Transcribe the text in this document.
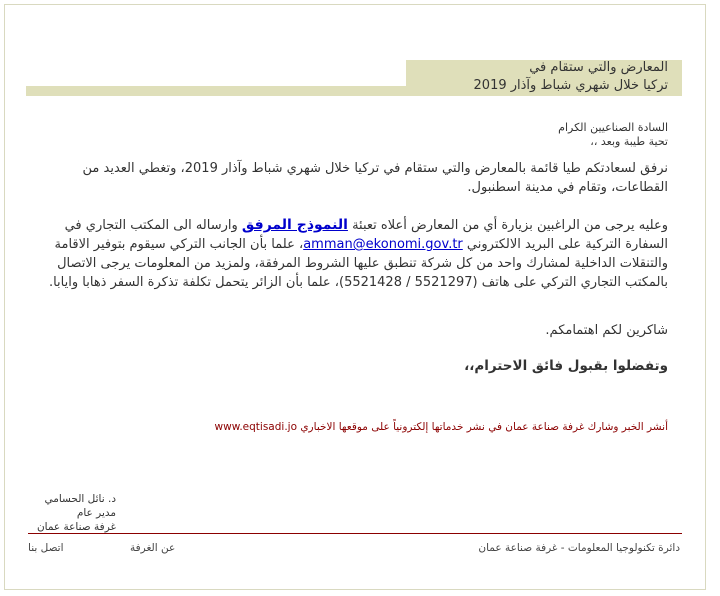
المعارض والتي ستقام في
تركيا خلال شهري شباط وآذار 2019
السادة الصناعيين الكرام
تحية طيبة وبعد ،،
نرفق لسعادتكم طيا قائمة بالمعارض والتي ستقام في تركيا خلال شهري شباط وآذار 2019، وتغطي العديد من القطاعات، وتقام في مدينة اسطنبول.
وعليه يرجى من الراغبين بزيارة أي من المعارض أعلاه تعبئة النموذج المرفق وارساله الى المكتب التجاري في السفارة التركية على البريد الالكتروني amman@ekonomi.gov.tr، علما بأن الجانب التركي سيقوم بتوفير الاقامة والتنقلات الداخلية لمشارك واحد من كل شركة تنطبق عليها الشروط المرفقة، ولمزيد من المعلومات يرجى الاتصال بالمكتب التجاري التركي على هاتف (5521297 / 5521428)، علما بأن الزائر يتحمل تكلفة تذكرة السفر ذهابا وايابا.
شاكرين لكم اهتمامكم.
وتفضلوا بقبول فائق الاحترام،،
أنشر الخبر وشارك غرفة صناعة عمان في نشر خدماتها إلكترونياً على موقعها الاخباري www.eqtisadi.jo
د. نائل الحسامي
مدير عام
غرفة صناعة عمان
دائرة تكنولوجيا المعلومات - غرفة صناعة عمان
عن الغرفة
اتصل بنا
